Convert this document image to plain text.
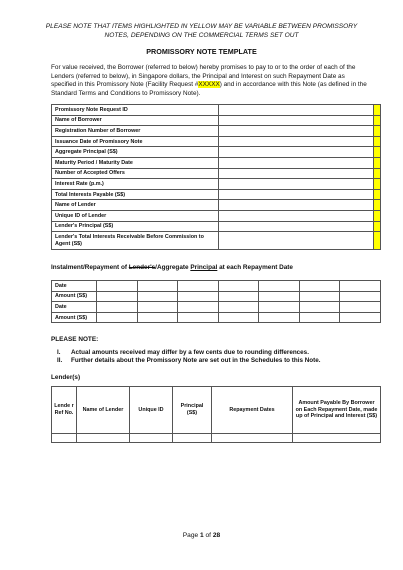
PLEASE NOTE THAT ITEMS HIGHLIGHTED IN YELLOW MAY BE VARIABLE BETWEEN PROMISSORY NOTES, DEPENDING ON THE COMMERCIAL TERMS SET OUT
PROMISSORY NOTE TEMPLATE
For value received, the Borrower (referred to below) hereby promises to pay to or to the order of each of the Lenders (referred to below), in Singapore dollars, the Principal and Interest on such Repayment Date as specified in this Promissory Note (Facility Request #XXXXX) and in accordance with this Note (as defined in the Standard Terms and Conditions to Promissory Note).
Promissory Note Request ID		
Name of Borrower		
Registration Number of Borrower		
Issuance Date of Promissory Note		
Aggregate Principal (S$)		
Maturity Period / Maturity Date		
Number of Accepted Offers		
Interest Rate (p.m.)		
Total Interests Payable (S$)		
Name of Lender		
Unique ID of Lender		
Lender's Principal (S$)		
Lender's Total Interests Receivable Before Commission to Agent (S$)		
Instalment/Repayment of Lender's/Aggregate Principal at each Repayment Date
Date							
Amount (S$)							
Date							
Amount (S$)							
PLEASE NOTE:
I. Actual amounts received may differ by a few cents due to rounding differences.
II. Further details about the Promissory Note are set out in the Schedules to this Note.
Lender(s)
Lende r Ref No.	Name of Lender	Unique ID	Principal (S$)	Repayment Dates	Amount Payable By Borrower on Each Repayment Date, made up of Principal and Interest (S$)

Page 1 of 28
